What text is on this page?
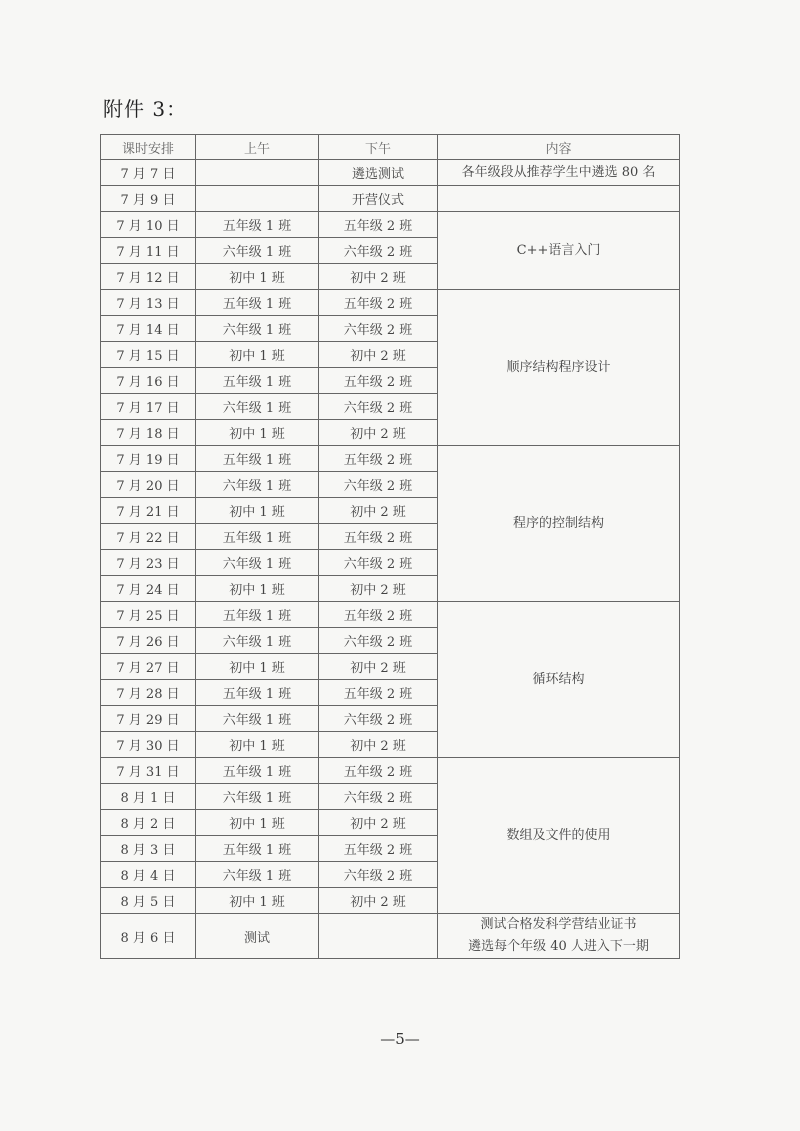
附件 3：
课时安排	上午	下午	内容
7 月 7 日		遴选测试	各年级段从推荐学生中遴选 80 名
7 月 9 日		开营仪式	
7 月 10 日	五年级 1 班	五年级 2 班	C++语言入门
7 月 11 日	六年级 1 班	六年级 2 班	
7 月 12 日	初中 1 班	初中 2 班	
7 月 13 日	五年级 1 班	五年级 2 班	顺序结构程序设计
7 月 14 日	六年级 1 班	六年级 2 班	
7 月 15 日	初中 1 班	初中 2 班	
7 月 16 日	五年级 1 班	五年级 2 班	
7 月 17 日	六年级 1 班	六年级 2 班	
7 月 18 日	初中 1 班	初中 2 班	
7 月 19 日	五年级 1 班	五年级 2 班	程序的控制结构
7 月 20 日	六年级 1 班	六年级 2 班	
7 月 21 日	初中 1 班	初中 2 班	
7 月 22 日	五年级 1 班	五年级 2 班	
7 月 23 日	六年级 1 班	六年级 2 班	
7 月 24 日	初中 1 班	初中 2 班	
7 月 25 日	五年级 1 班	五年级 2 班	循环结构
7 月 26 日	六年级 1 班	六年级 2 班	
7 月 27 日	初中 1 班	初中 2 班	
7 月 28 日	五年级 1 班	五年级 2 班	
7 月 29 日	六年级 1 班	六年级 2 班	
7 月 30 日	初中 1 班	初中 2 班	
7 月 31 日	五年级 1 班	五年级 2 班	数组及文件的使用
8 月 1 日	六年级 1 班	六年级 2 班	
8 月 2 日	初中 1 班	初中 2 班	
8 月 3 日	五年级 1 班	五年级 2 班	
8 月 4 日	六年级 1 班	六年级 2 班	
8 月 5 日	初中 1 班	初中 2 班	
8 月 6 日	测试		测试合格发科学营结业证书
遴选每个年级 40 人进入下一期
—5—
